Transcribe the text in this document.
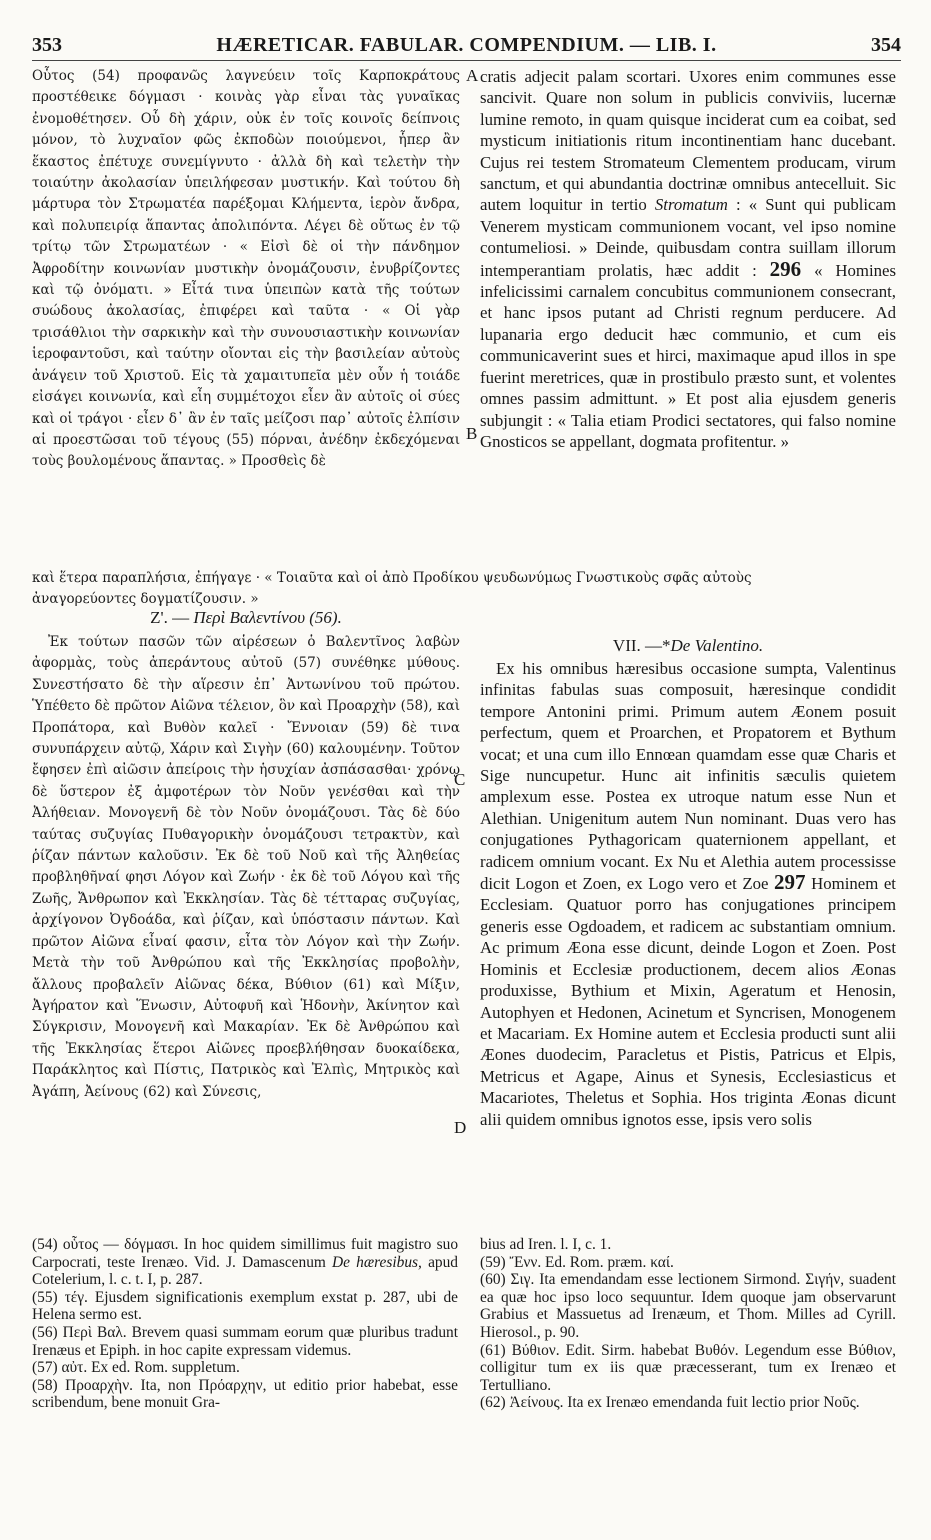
353	HÆRETICAR. FABULAR. COMPENDIUM. — LIB. I.	354

Οὗτος (54) προφανῶς λαγνεύειν τοῖς Καρποκράτους προστέθεικε δόγμασι · κοινὰς γὰρ εἶναι τὰς γυναῖκας ἐνομοθέτησεν. Οὗ δὴ χάριν, οὐκ ἐν τοῖς κοινοῖς δείπνοις μόνον, τὸ λυχναῖον φῶς ἐκποδὼν ποιούμενοι, ἧπερ ἂν ἕκαστος ἐπέτυχε συνεμίγνυτο · ἀλλὰ δὴ καὶ τελετὴν τὴν τοιαύτην ἀκολασίαν ὑπειλήφεσαν μυστικήν. Καὶ τούτου δὴ μάρτυρα τὸν Στρωματέα παρέξομαι Κλήμεντα, ἱερὸν ἄνδρα, καὶ πολυπειρίᾳ ἅπαντας ἀπολιπόντα. Λέγει δὲ οὕτως ἐν τῷ τρίτῳ τῶν Στρωματέων · « Εἰσὶ δὲ οἱ τὴν πάνδημον Ἀφροδίτην κοινωνίαν μυστικὴν ὀνομάζουσιν, ἐνυβρίζοντες καὶ τῷ ὀνόματι. » Εἶτά τινα ὑπειπὼν κατὰ τῆς τούτων συώδους ἀκολασίας, ἐπιφέρει καὶ ταῦτα · « Οἱ γὰρ τρισάθλιοι τὴν σαρκικὴν καὶ τὴν συνουσιαστικὴν κοινωνίαν ἱεροφαντοῦσι, καὶ ταύτην οἴονται εἰς τὴν βασιλείαν αὐτοὺς ἀνάγειν τοῦ Χριστοῦ. Εἰς τὰ χαμαιτυπεῖα μὲν οὖν ἡ τοιάδε εἰσάγει κοινωνία, καὶ εἶη συμμέτοχοι εἶεν ἂν αὐτοῖς οἱ σύες καὶ οἱ τράγοι · εἶεν δ᾽ ἂν ἐν ταῖς μείζοσι παρ᾽ αὐτοῖς ἐλπίσιν αἱ προεστῶσαι τοῦ τέγους (55) πόρναι, ἀνέδην ἐκδεχόμεναι τοὺς βουλομένους ἅπαντας. » Προσθεὶς δὲ

cratis adjecit palam scortari. Uxores enim communes esse sancivit. Quare non solum in publicis conviviis, lucernæ lumine remoto, in quam quisque inciderat cum ea coibat, sed mysticum initiationis ritum incontinentiam hanc ducebant. Cujus rei testem Stromateum Clementem producam, virum sanctum, et qui abundantia doctrinæ omnibus antecelluit. Sic autem loquitur in tertio Stromatum : « Sunt qui publicam Venerem mysticam communionem vocant, vel ipso nomine contumeliosi. » Deinde, quibusdam contra suillam illorum intemperantiam prolatis, hæc addit : 296 « Homines infelicissimi carnalem concubitus communionem consecrant, et hanc ipsos putant ad Christi regnum perducere. Ad lupanaria ergo deducit hæc communio, et cum eis communicaverint sues et hirci, maximaque apud illos in spe fuerint meretrices, quæ in prostibulo præsto sunt, et volentes omnes passim admittunt. » Et post alia ejusdem generis subjungit : « Talia etiam Prodici sectatores, qui falso nomine Gnosticos se appellant, dogmata profitentur. »

A
B
C
D
καὶ ἕτερα παραπλήσια, ἐπήγαγε · « Τοιαῦτα καὶ οἱ ἀπὸ Προδίκου ψευδωνύμως Γνωστικοὺς σφᾶς αὐτοὺς
ἀναγορεύοντες δογματίζουσιν. »
Ζ'. — Περὶ Βαλεντίνου (56).
VII. —*De Valentino.

Ἐκ τούτων πασῶν τῶν αἱρέσεων ὁ Βαλεντῖνος λαβὼν ἀφορμὰς, τοὺς ἀπεράντους αὐτοῦ (57) συνέθηκε μύθους. Συνεστήσατο δὲ τὴν αἵρεσιν ἐπ᾽ Ἀντωνίνου τοῦ πρώτου. Ὑπέθετο δὲ πρῶτον Αἰῶνα τέλειον, ὃν καὶ Προαρχὴν (58), καὶ Προπάτορα, καὶ Βυθὸν καλεῖ · Ἔννοιαν (59) δὲ τινα συνυπάρχειν αὐτῷ, Χάριν καὶ Σιγὴν (60) καλουμένην. Τοῦτον ἔφησεν ἐπὶ αἰῶσιν ἀπείροις τὴν ἡσυχίαν ἀσπάσασθαι· χρόνῳ δὲ ὕστερον ἐξ ἀμφοτέρων τὸν Νοῦν γενέσθαι καὶ τὴν Ἀλήθειαν. Μονογενῆ δὲ τὸν Νοῦν ὀνομάζουσι. Τὰς δὲ δύο ταύτας συζυγίας Πυθαγορικὴν ὀνομάζουσι τετρακτὺν, καὶ ῥίζαν πάντων καλοῦσιν. Ἐκ δὲ τοῦ Νοῦ καὶ τῆς Ἀληθείας προβληθῆναί φησι Λόγον καὶ Ζωήν · ἐκ δὲ τοῦ Λόγου καὶ τῆς Ζωῆς, Ἄνθρωπον καὶ Ἐκκλησίαν. Τὰς δὲ τέτταρας συζυγίας, ἀρχίγονον Ὀγδοάδα, καὶ ῥίζαν, καὶ ὑπόστασιν πάντων. Καὶ πρῶτον Αἰῶνα εἶναί φασιν, εἶτα τὸν Λόγον καὶ τὴν Ζωήν. Μετὰ τὴν τοῦ Ἀνθρώπου καὶ τῆς Ἐκκλησίας προβολὴν, ἄλλους προβαλεῖν Αἰῶνας δέκα, Βύθιον (61) καὶ Μίξιν, Ἀγήρατον καὶ Ἕνωσιν, Αὐτοφυῆ καὶ Ἡδονὴν, Ἀκίνητον καὶ Σύγκρισιν, Μονογενῆ καὶ Μακαρίαν. Ἐκ δὲ Ἀνθρώπου καὶ τῆς Ἐκκλησίας ἕτεροι Αἰῶνες προεβλήθησαν δυοκαίδεκα, Παράκλητος καὶ Πίστις, Πατρικὸς καὶ Ἐλπὶς, Μητρικὸς καὶ Ἀγάπη, Ἀείνους (62) καὶ Σύνεσις,

Ex his omnibus hæresibus occasione sumpta, Valentinus infinitas fabulas suas composuit, hæresinque condidit tempore Antonini primi. Primum autem Æonem posuit perfectum, quem et Proarchen, et Propatorem et Bythum vocat; et una cum illo Ennœan quamdam esse quæ Charis et Sige nuncupetur. Hunc ait infinitis sæculis quietem amplexum esse. Postea ex utroque natum esse Nun et Alethian. Unigenitum autem Nun nominant. Duas vero has conjugationes Pythagoricam quaternionem appellant, et radicem omnium vocant. Ex Nu et Alethia autem processisse dicit Logon et Zoen, ex Logo vero et Zoe 297 Hominem et Ecclesiam. Quatuor porro has conjugationes principem generis esse Ogdoadem, et radicem ac substantiam omnium. Ac primum Æona esse dicunt, deinde Logon et Zoen. Post Hominis et Ecclesiæ productionem, decem alios Æonas produxisse, Bythium et Mixin, Ageratum et Henosin, Autophyen et Hedonen, Acinetum et Syncrisen, Monogenem et Macariam. Ex Homine autem et Ecclesia producti sunt alii Æones duodecim, Paracletus et Pistis, Patricus et Elpis, Metricus et Agape, Ainus et Synesis, Ecclesiasticus et Macariotes, Theletus et Sophia. Hos triginta Æonas dicunt alii quidem omnibus ignotos esse, ipsis vero solis

(54) οὗτος — δόγμασι. In hoc quidem simillimus fuit magistro suo Carpocrati, teste Irenæo. Vid. J. Damascenum De hæresibus, apud Cotelerium, l. c. t. I, p. 287.

(55) τέγ. Ejusdem significationis exemplum exstat p. 287, ubi de Helena sermo est.

(56) Περὶ Βαλ. Brevem quasi summam eorum quæ pluribus tradunt Irenæus et Epiph. in hoc capite expressam videmus.

(57) αὐτ. Ex ed. Rom. suppletum.

(58) Προαρχὴν. Ita, non Πρόαρχην, ut editio prior habebat, esse scribendum, bene monuit Gra-

bius ad Iren. l. I, c. 1.

(59) Ἔνν. Ed. Rom. præm. καί.

(60) Σιγ. Ita emendandam esse lectionem Sirmond. Σιγήν, suadent ea quæ hoc ipso loco sequuntur. Idem quoque jam observarunt Grabius et Massuetus ad Irenæum, et Thom. Milles ad Cyrill. Hierosol., p. 90.

(61) Βύθιον. Edit. Sirm. habebat Βυθόν. Legendum esse Βύθιον, colligitur tum ex iis quæ præcesserant, tum ex Irenæo et Tertulliano.

(62) Ἀείνους. Ita ex Irenæo emendanda fuit lectio prior Νοῦς.
